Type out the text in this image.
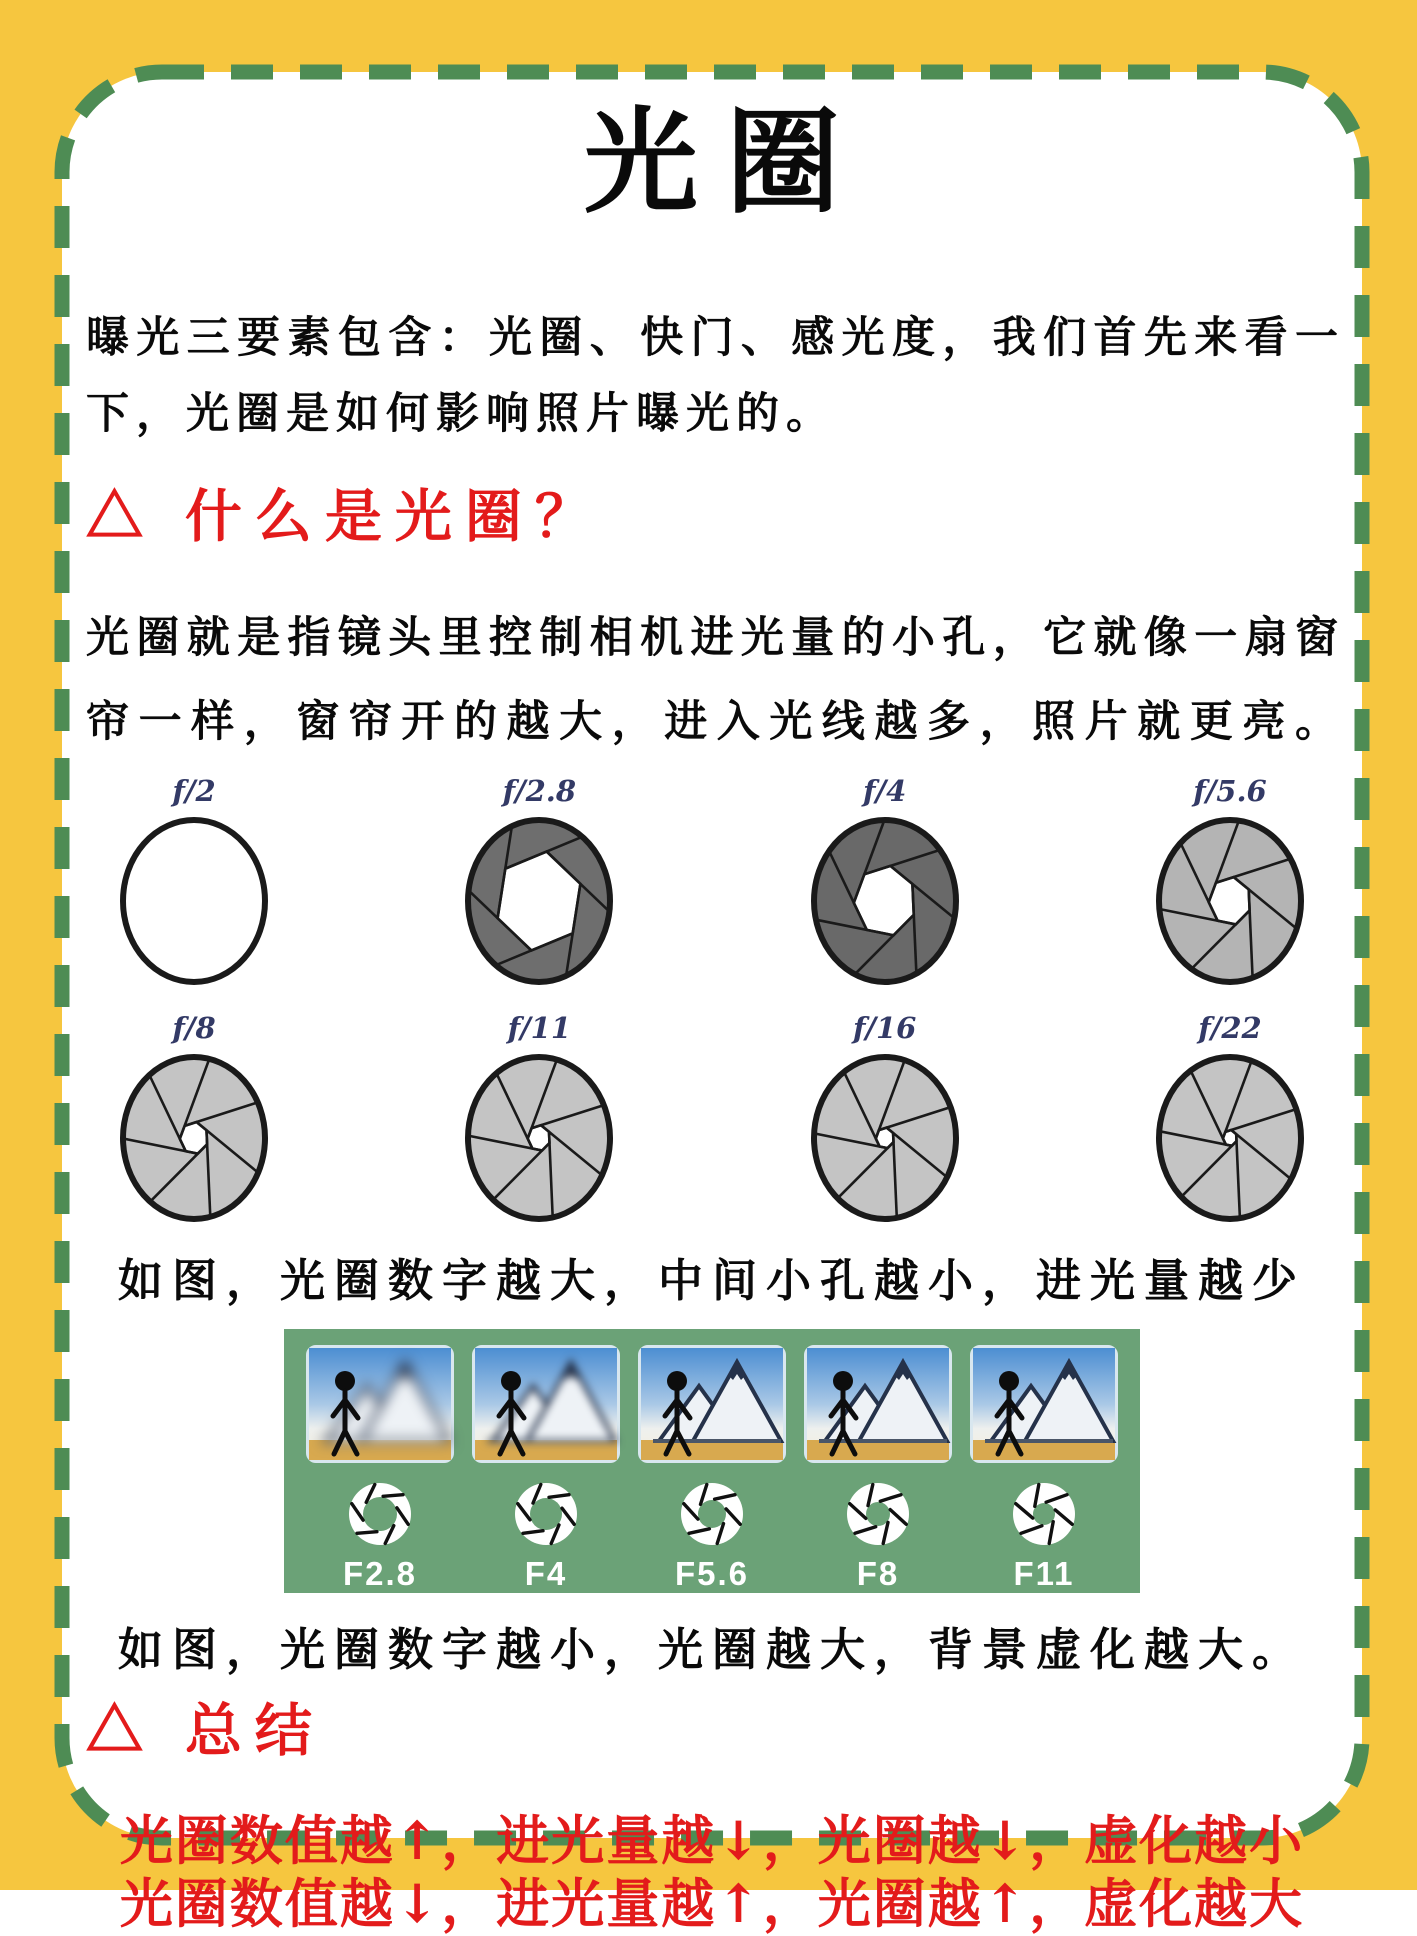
光圈
曝光三要素包含：光圈、快门、感光度，我们首先来看一
下，光圈是如何影响照片曝光的。
△ 什么是光圈？
光圈就是指镜头里控制相机进光量的小孔，它就像一扇窗
帘一样，窗帘开的越大，进入光线越多，照片就更亮。
f/2	f/2.8	f/4	f/5.6
f/8	f/11	f/16	f/22
如图，光圈数字越大，中间小孔越小，进光量越少
F2.8	F4	F5.6	F8	F11
如图，光圈数字越小，光圈越大，背景虚化越大。
△ 总结
光圈数值越↑，进光量越↓，光圈越↓，虚化越小
光圈数值越↓，进光量越↑，光圈越↑，虚化越大
